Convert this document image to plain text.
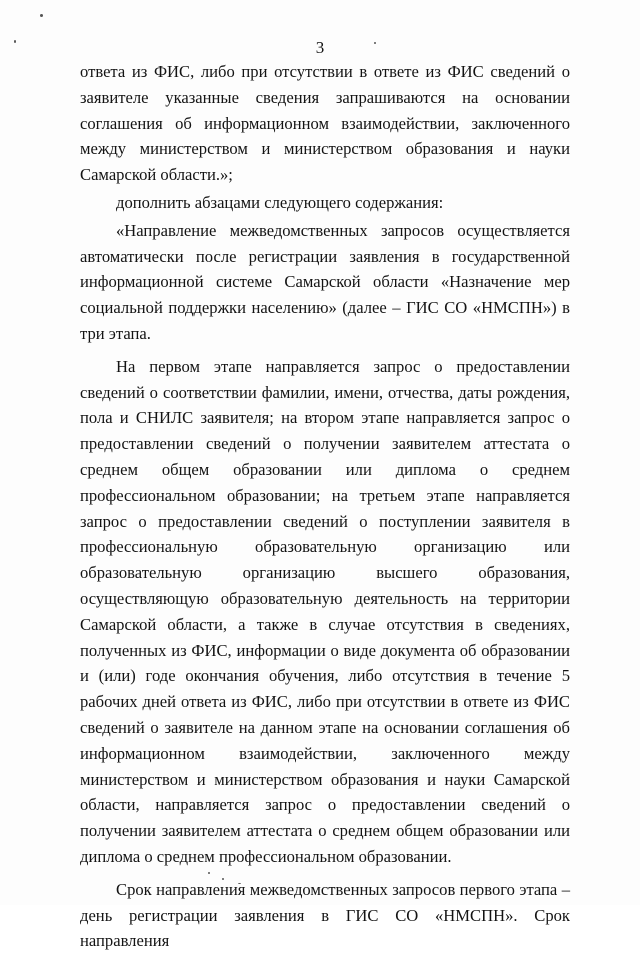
3

ответа из ФИС, либо при отсутствии в ответе из ФИС сведений о заявителе указанные сведения запрашиваются на основании соглашения об информационном взаимодействии, заключенного между министерством и министерством образования и науки Самарской области.»;

дополнить абзацами следующего содержания:

«Направление межведомственных запросов осуществляется автоматически после регистрации заявления в государственной информационной системе Самарской области «Назначение мер социальной поддержки населению» (далее – ГИС СО «НМСПН») в три этапа.

На первом этапе направляется запрос о предоставлении сведений о соответствии фамилии, имени, отчества, даты рождения, пола и СНИЛС заявителя; на втором этапе направляется запрос о предоставлении сведений о получении заявителем аттестата о среднем общем образовании или диплома о среднем профессиональном образовании; на третьем этапе направляется запрос о предоставлении сведений о поступлении заявителя в профессиональную образовательную организацию или образовательную организацию высшего образования, осуществляющую образовательную деятельность на территории Самарской области, а также в случае отсутствия в сведениях, полученных из ФИС, информации о виде документа об образовании и (или) годе окончания обучения, либо отсутствия в течение 5 рабочих дней ответа из ФИС, либо при отсутствии в ответе из ФИС сведений о заявителе на данном этапе на основании соглашения об информационном взаимодействии, заключенного между министерством и министерством образования и науки Самарской области, направляется запрос о предоставлении сведений о получении заявителем аттестата о среднем общем образовании или диплома о среднем профессиональном образовании.

Срок направления межведомственных запросов первого этапа – день регистрации заявления в ГИС СО «НМСПН». Срок направления
